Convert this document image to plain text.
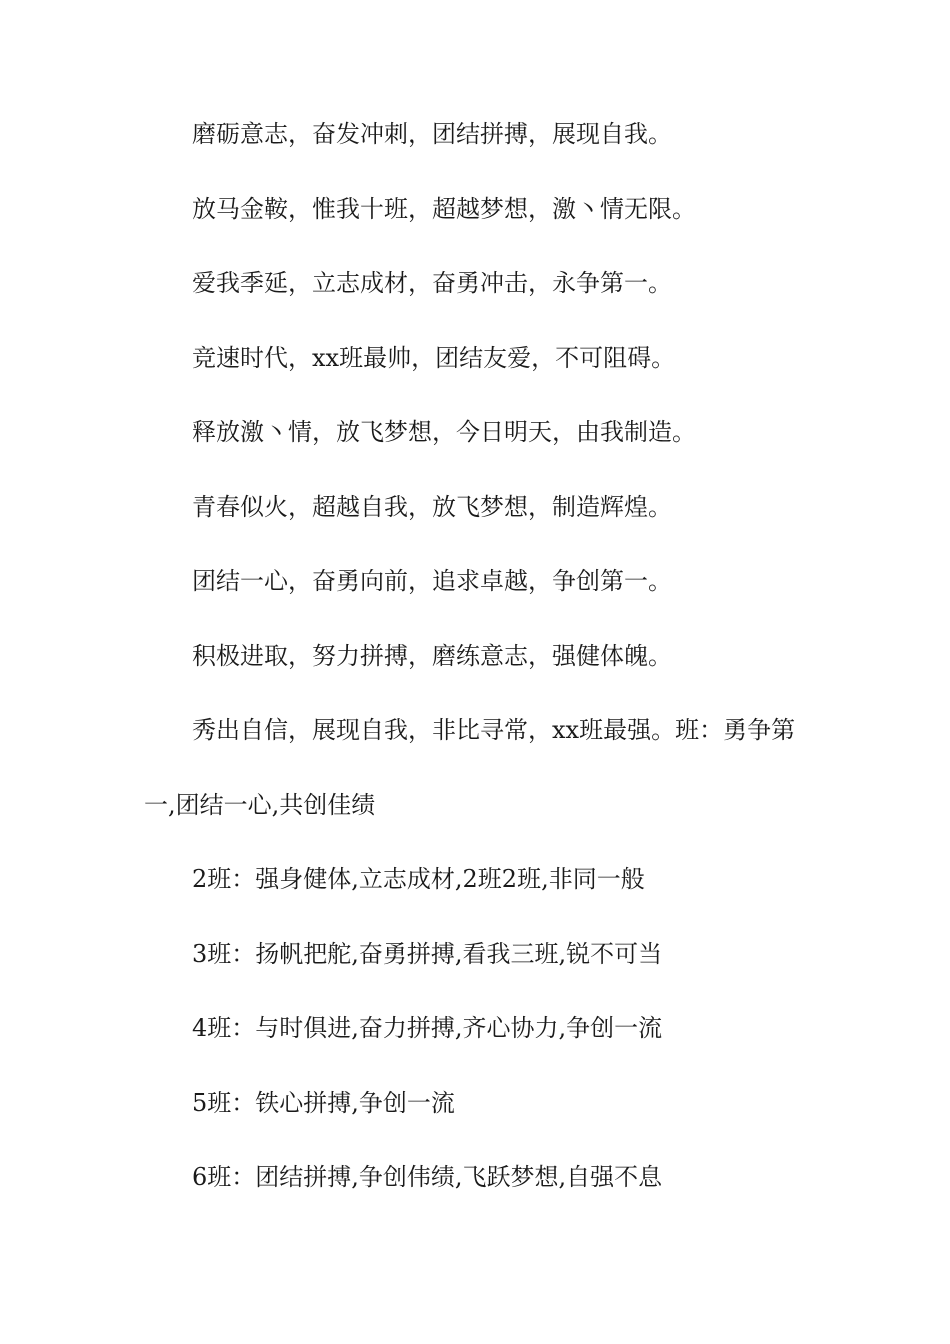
磨砺意志，奋发冲刺，团结拼搏，展现自我。

放马金鞍，惟我十班，超越梦想，激丶情无限。

爱我季延，立志成材，奋勇冲击，永争第一。

竞速时代，xx班最帅，团结友爱，不可阻碍。

释放激丶情，放飞梦想，今日明天，由我制造。

青春似火，超越自我，放飞梦想，制造辉煌。

团结一心，奋勇向前，追求卓越，争创第一。

积极进取，努力拼搏，磨练意志，强健体魄。

秀出自信，展现自我，非比寻常，xx班最强。班：勇争第
一,团结一心,共创佳绩

2班：强身健体,立志成材,2班2班,非同一般

3班：扬帆把舵,奋勇拼搏,看我三班,锐不可当

4班：与时俱进,奋力拼搏,齐心协力,争创一流

5班：铁心拼搏,争创一流

6班：团结拼搏,争创伟绩,飞跃梦想,自强不息
